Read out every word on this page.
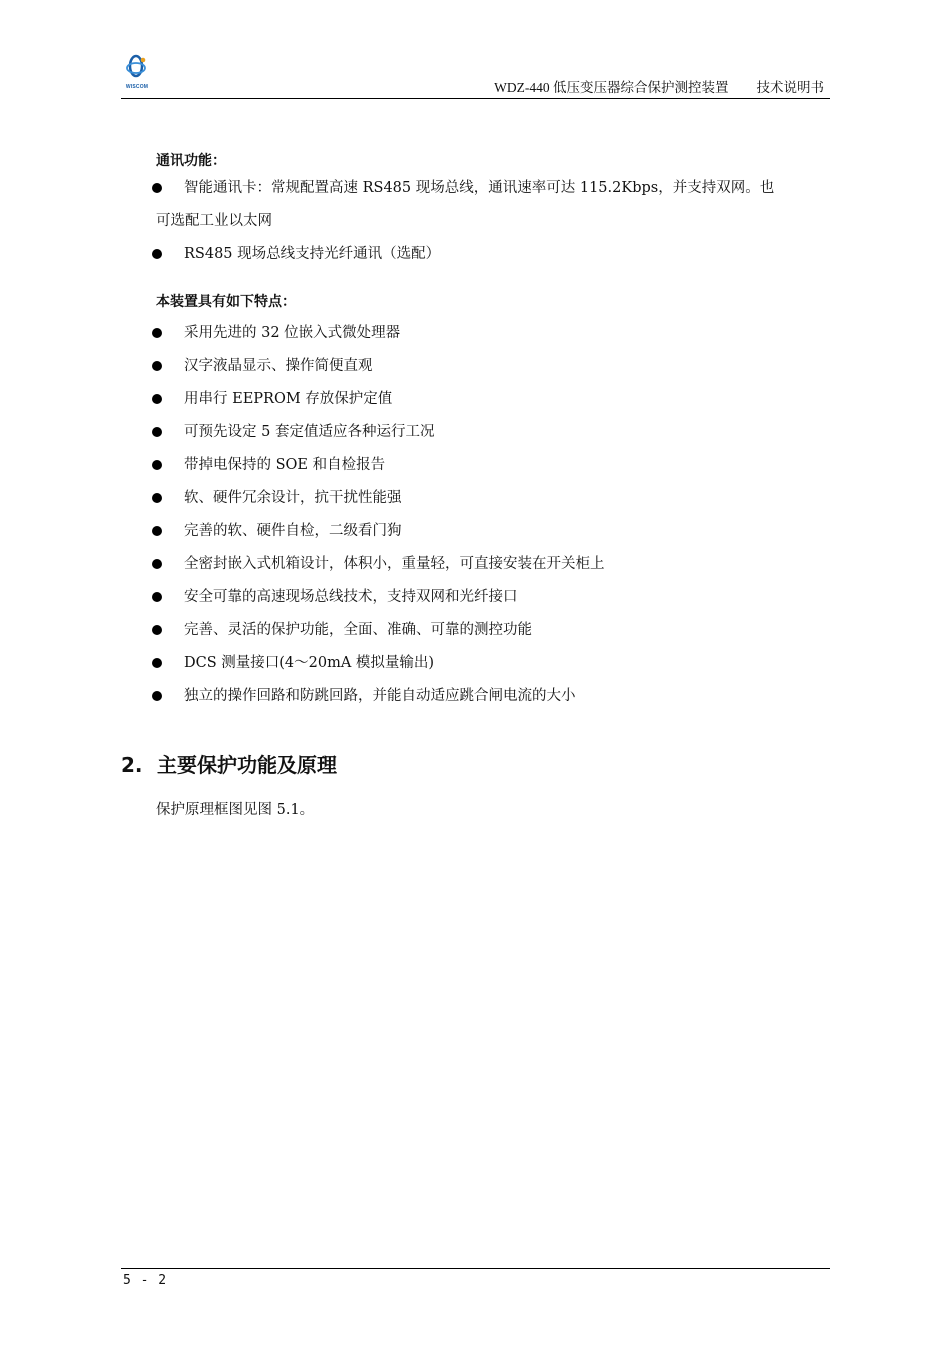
WISCOM	WDZ-440 低压变压器综合保护测控装置 技术说明书
通讯功能：
智能通讯卡：常规配置高速 RS485 现场总线，通讯速率可达 115.2Kbps，并支持双网。也
可选配工业以太网
RS485 现场总线支持光纤通讯（选配）
本装置具有如下特点：
采用先进的 32 位嵌入式微处理器
汉字液晶显示、操作简便直观
用串行 EEPROM 存放保护定值
可预先设定 5 套定值适应各种运行工况
带掉电保持的 SOE 和自检报告
软、硬件冗余设计，抗干扰性能强
完善的软、硬件自检，二级看门狗
全密封嵌入式机箱设计，体积小，重量轻，可直接安装在开关柜上
安全可靠的高速现场总线技术，支持双网和光纤接口
完善、灵活的保护功能，全面、准确、可靠的测控功能
DCS 测量接口(4～20mA 模拟量输出)
独立的操作回路和防跳回路，并能自动适应跳合闸电流的大小
2. 主要保护功能及原理
保护原理框图见图 5.1。
5 - 2
